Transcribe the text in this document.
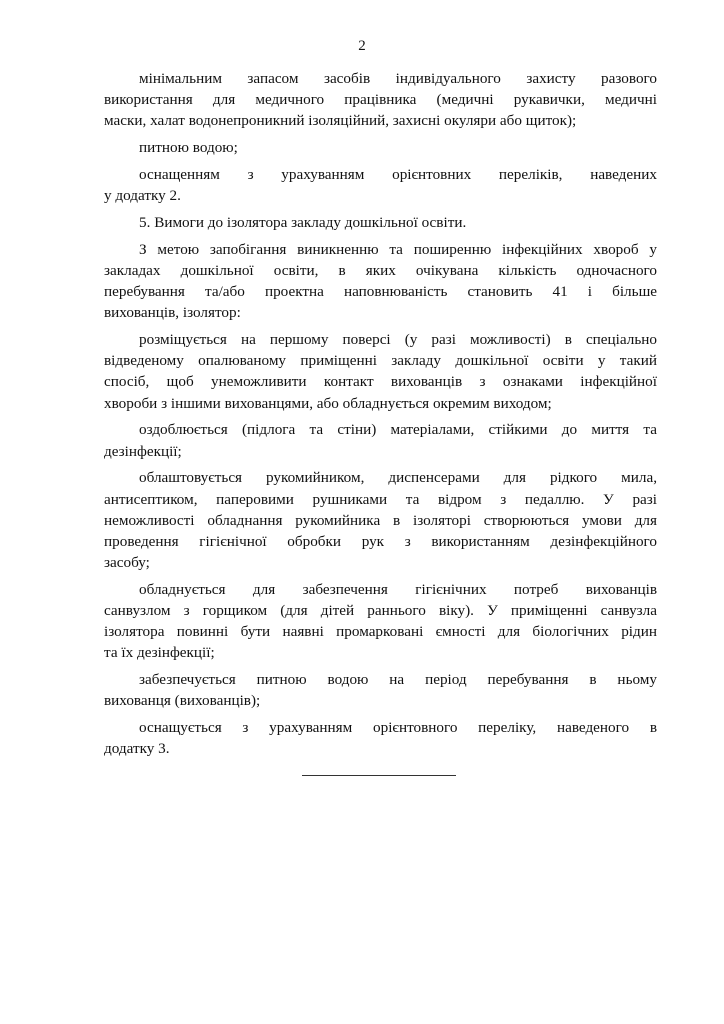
2
мінімальним запасом засобів індивідуального захисту разового
використання для медичного працівника (медичні рукавички, медичні
маски, халат водонепроникний ізоляційний, захисні окуляри або щиток);
питною водою;
оснащенням з урахуванням орієнтовних переліків, наведених
у додатку 2.
5. Вимоги до ізолятора закладу дошкільної освіти.
З метою запобігання виникненню та поширенню інфекційних хвороб у
закладах дошкільної освіти, в яких очікувана кількість одночасного
перебування та/або проектна наповнюваність становить 41 і більше
вихованців, ізолятор:
розміщується на першому поверсі (у разі можливості) в спеціально
відведеному опалюваному приміщенні закладу дошкільної освіти у такий
спосіб, щоб унеможливити контакт вихованців з ознаками інфекційної
хвороби з іншими вихованцями, або обладнується окремим виходом;
оздоблюється (підлога та стіни) матеріалами, стійкими до миття та
дезінфекції;
облаштовується рукомийником, диспенсерами для рідкого мила,
антисептиком, паперовими рушниками та відром з педаллю. У разі
неможливості обладнання рукомийника в ізоляторі створюються умови для
проведення гігієнічної обробки рук з використанням дезінфекційного
засобу;
обладнується для забезпечення гігієнічних потреб вихованців
санвузлом з горщиком (для дітей раннього віку). У приміщенні санвузла
ізолятора повинні бути наявні промарковані ємності для біологічних рідин
та їх дезінфекції;
забезпечується питною водою на період перебування в ньому
вихованця (вихованців);
оснащується з урахуванням орієнтовного переліку, наведеного в
додатку 3.
